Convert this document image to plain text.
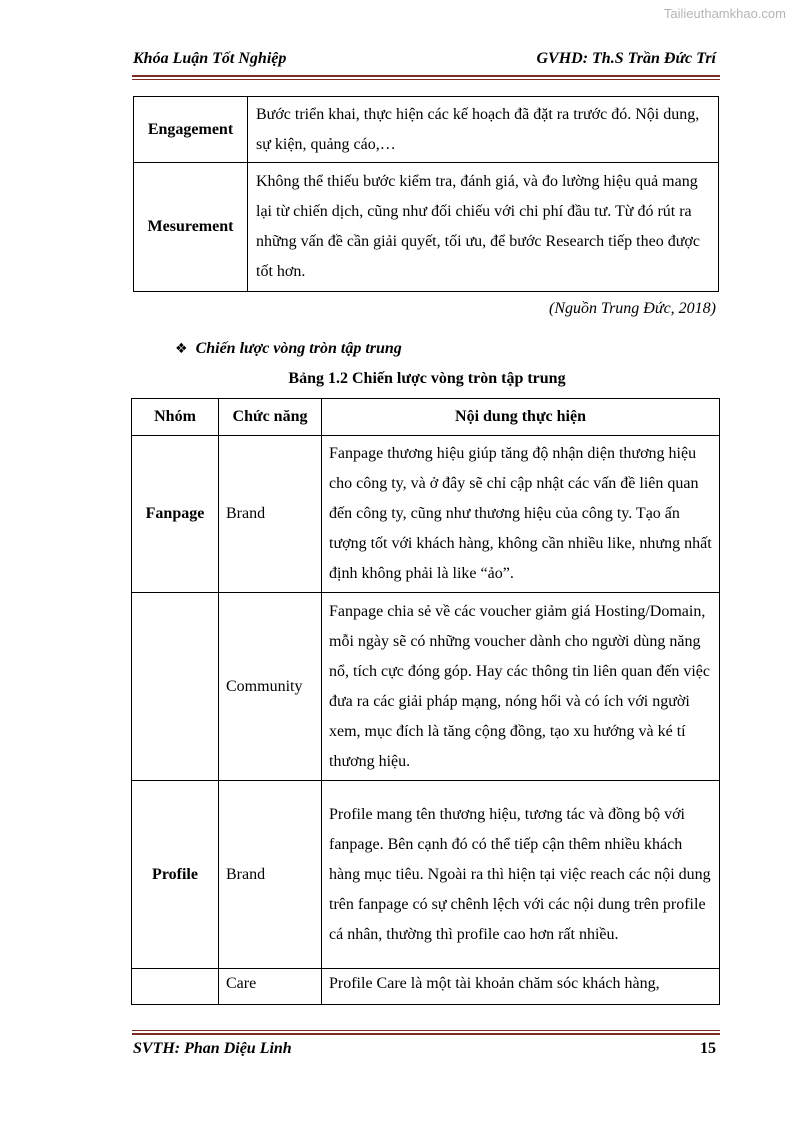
Tailieuthamkhao.com
Khóa Luận Tốt Nghiệp	GVHD: Th.S Trần Đức Trí
Engagement	Bước triển khai, thực hiện các kế hoạch đã đặt ra trước đó. Nội dung, sự kiện, quảng cáo,…
Mesurement	Không thể thiếu bước kiểm tra, đánh giá, và đo lường hiệu quả mang lại từ chiến dịch, cũng như đối chiếu với chi phí đầu tư. Từ đó rút ra những vấn đề cần giải quyết, tối ưu, để bước Research tiếp theo được tốt hơn.
(Nguồn Trung Đức, 2018)
❖ Chiến lược vòng tròn tập trung
Bảng 1.2 Chiến lược vòng tròn tập trung
Nhóm	Chức năng	Nội dung thực hiện
Fanpage	Brand	Fanpage thương hiệu giúp tăng độ nhận diện thương hiệu cho công ty, và ở đây sẽ chỉ cập nhật các vấn đề liên quan đến công ty, cũng như thương hiệu của công ty. Tạo ấn tượng tốt với khách hàng, không cần nhiều like, nhưng nhất định không phải là like “ảo”.
	Community	Fanpage chia sẻ về các voucher giảm giá Hosting/Domain, mỗi ngày sẽ có những voucher dành cho người dùng năng nổ, tích cực đóng góp. Hay các thông tin liên quan đến việc đưa ra các giải pháp mạng, nóng hổi và có ích với người xem, mục đích là tăng cộng đồng, tạo xu hướng và ké tí thương hiệu.
Profile	Brand	Profile mang tên thương hiệu, tương tác và đồng bộ với fanpage. Bên cạnh đó có thể tiếp cận thêm nhiều khách hàng mục tiêu. Ngoài ra thì hiện tại việc reach các nội dung trên fanpage có sự chênh lệch với các nội dung trên profile cá nhân, thường thì profile cao hơn rất nhiều.
	Care	Profile Care là một tài khoản chăm sóc khách hàng,
SVTH: Phan Diệu Linh	15
